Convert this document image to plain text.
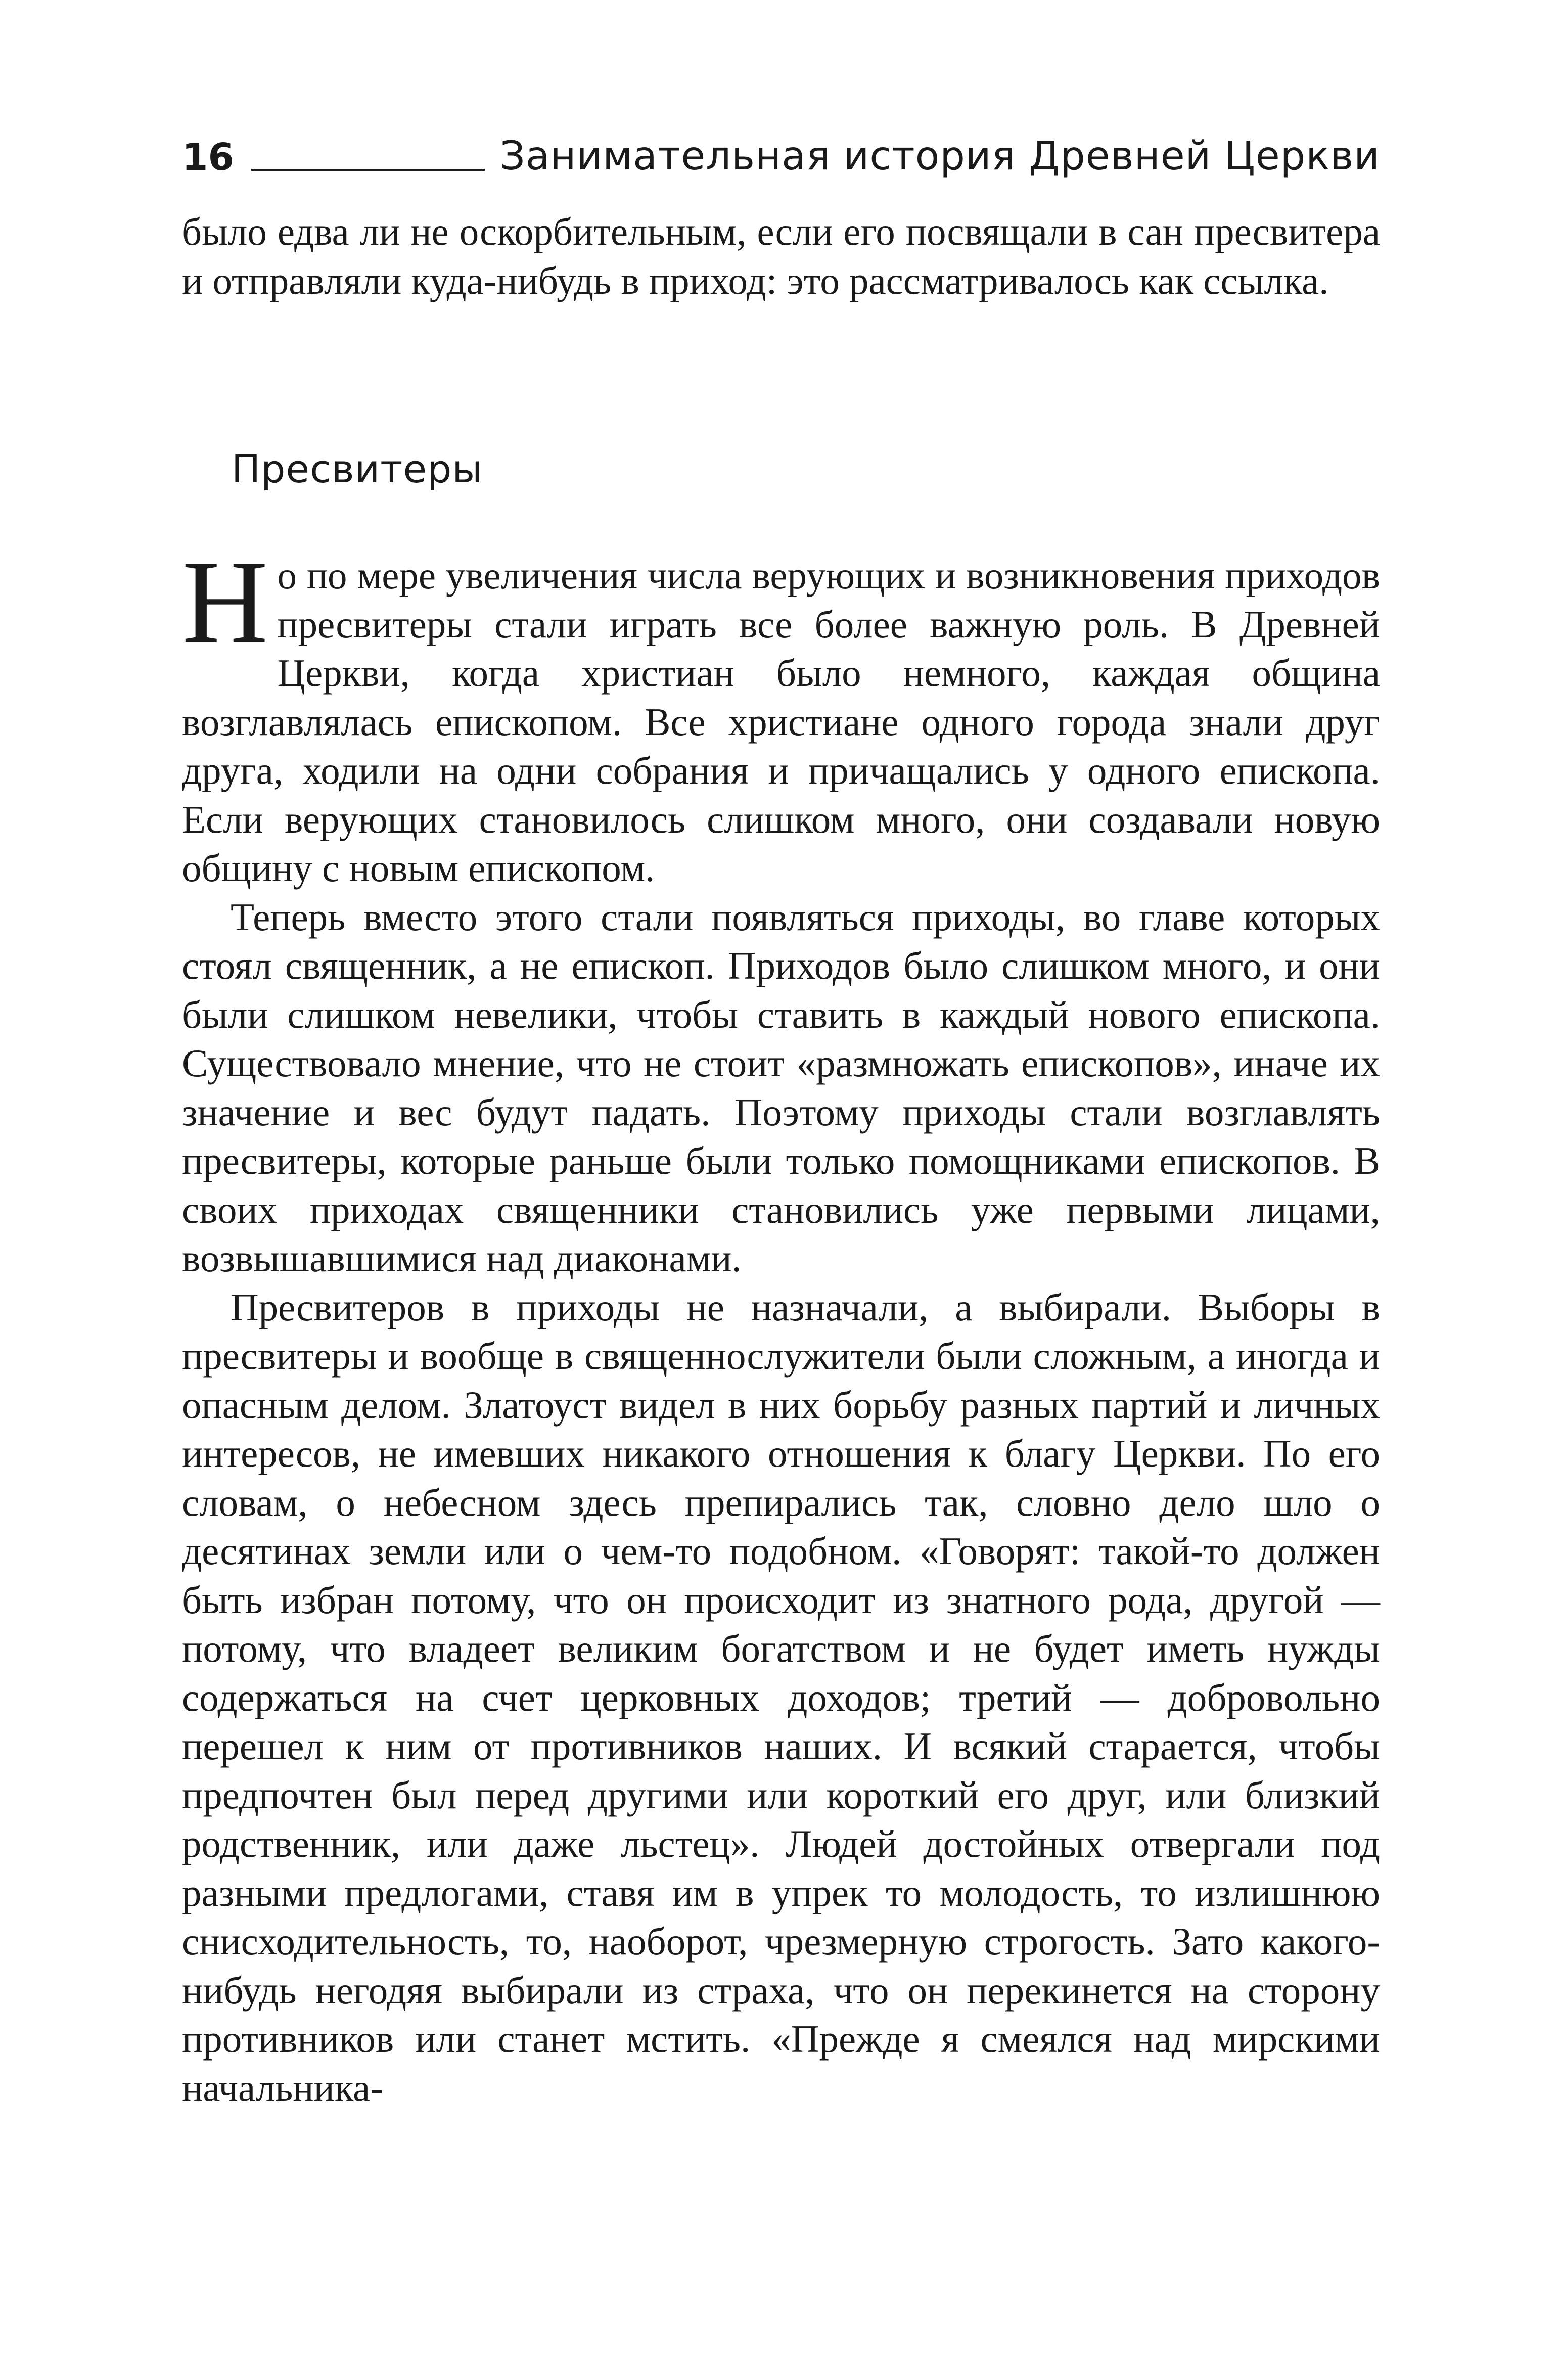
16	Занимательная история Древней Церкви

было едва ли не оскорбительным, если его посвящали в сан пресвитера и отправляли куда-нибудь в приход: это рассматривалось как ссылка.

Пресвитеры

Но по мере увеличения числа верующих и возникновения приходов пресвитеры стали играть все более важную роль. В Древней Церкви, когда христиан было немного, каждая община возглавлялась епископом. Все христиане одного города знали друг друга, ходили на одни собрания и причащались у одного епископа. Если верующих становилось слишком много, они создавали новую общину с новым епископом.

Теперь вместо этого стали появляться приходы, во главе которых стоял священник, а не епископ. Приходов было слишком много, и они были слишком невелики, чтобы ставить в каждый нового епископа. Существовало мнение, что не стоит «размножать епископов», иначе их значение и вес будут падать. Поэтому приходы стали возглавлять пресвитеры, которые раньше были только помощниками епископов. В своих приходах священники становились уже первыми лицами, возвышавшимися над диаконами.

Пресвитеров в приходы не назначали, а выбирали. Выборы в пресвитеры и вообще в священнослужители были сложным, а иногда и опасным делом. Златоуст видел в них борьбу разных партий и личных интересов, не имевших никакого отношения к благу Церкви. По его словам, о небесном здесь препирались так, словно дело шло о десятинах земли или о чем-то подобном. «Говорят: такой-то должен быть избран потому, что он происходит из знатного рода, другой — потому, что владеет великим богатством и не будет иметь нужды содержаться на счет церковных доходов; третий — добровольно перешел к ним от противников наших. И всякий старается, чтобы предпочтен был перед другими или короткий его друг, или близкий родственник, или даже льстец». Людей достойных отвергали под разными предлогами, ставя им в упрек то молодость, то излишнюю снисходительность, то, наоборот, чрезмерную строгость. Зато какого-нибудь негодяя выбирали из страха, что он перекинется на сторону противников или станет мстить. «Прежде я смеялся над мирскими начальника-
